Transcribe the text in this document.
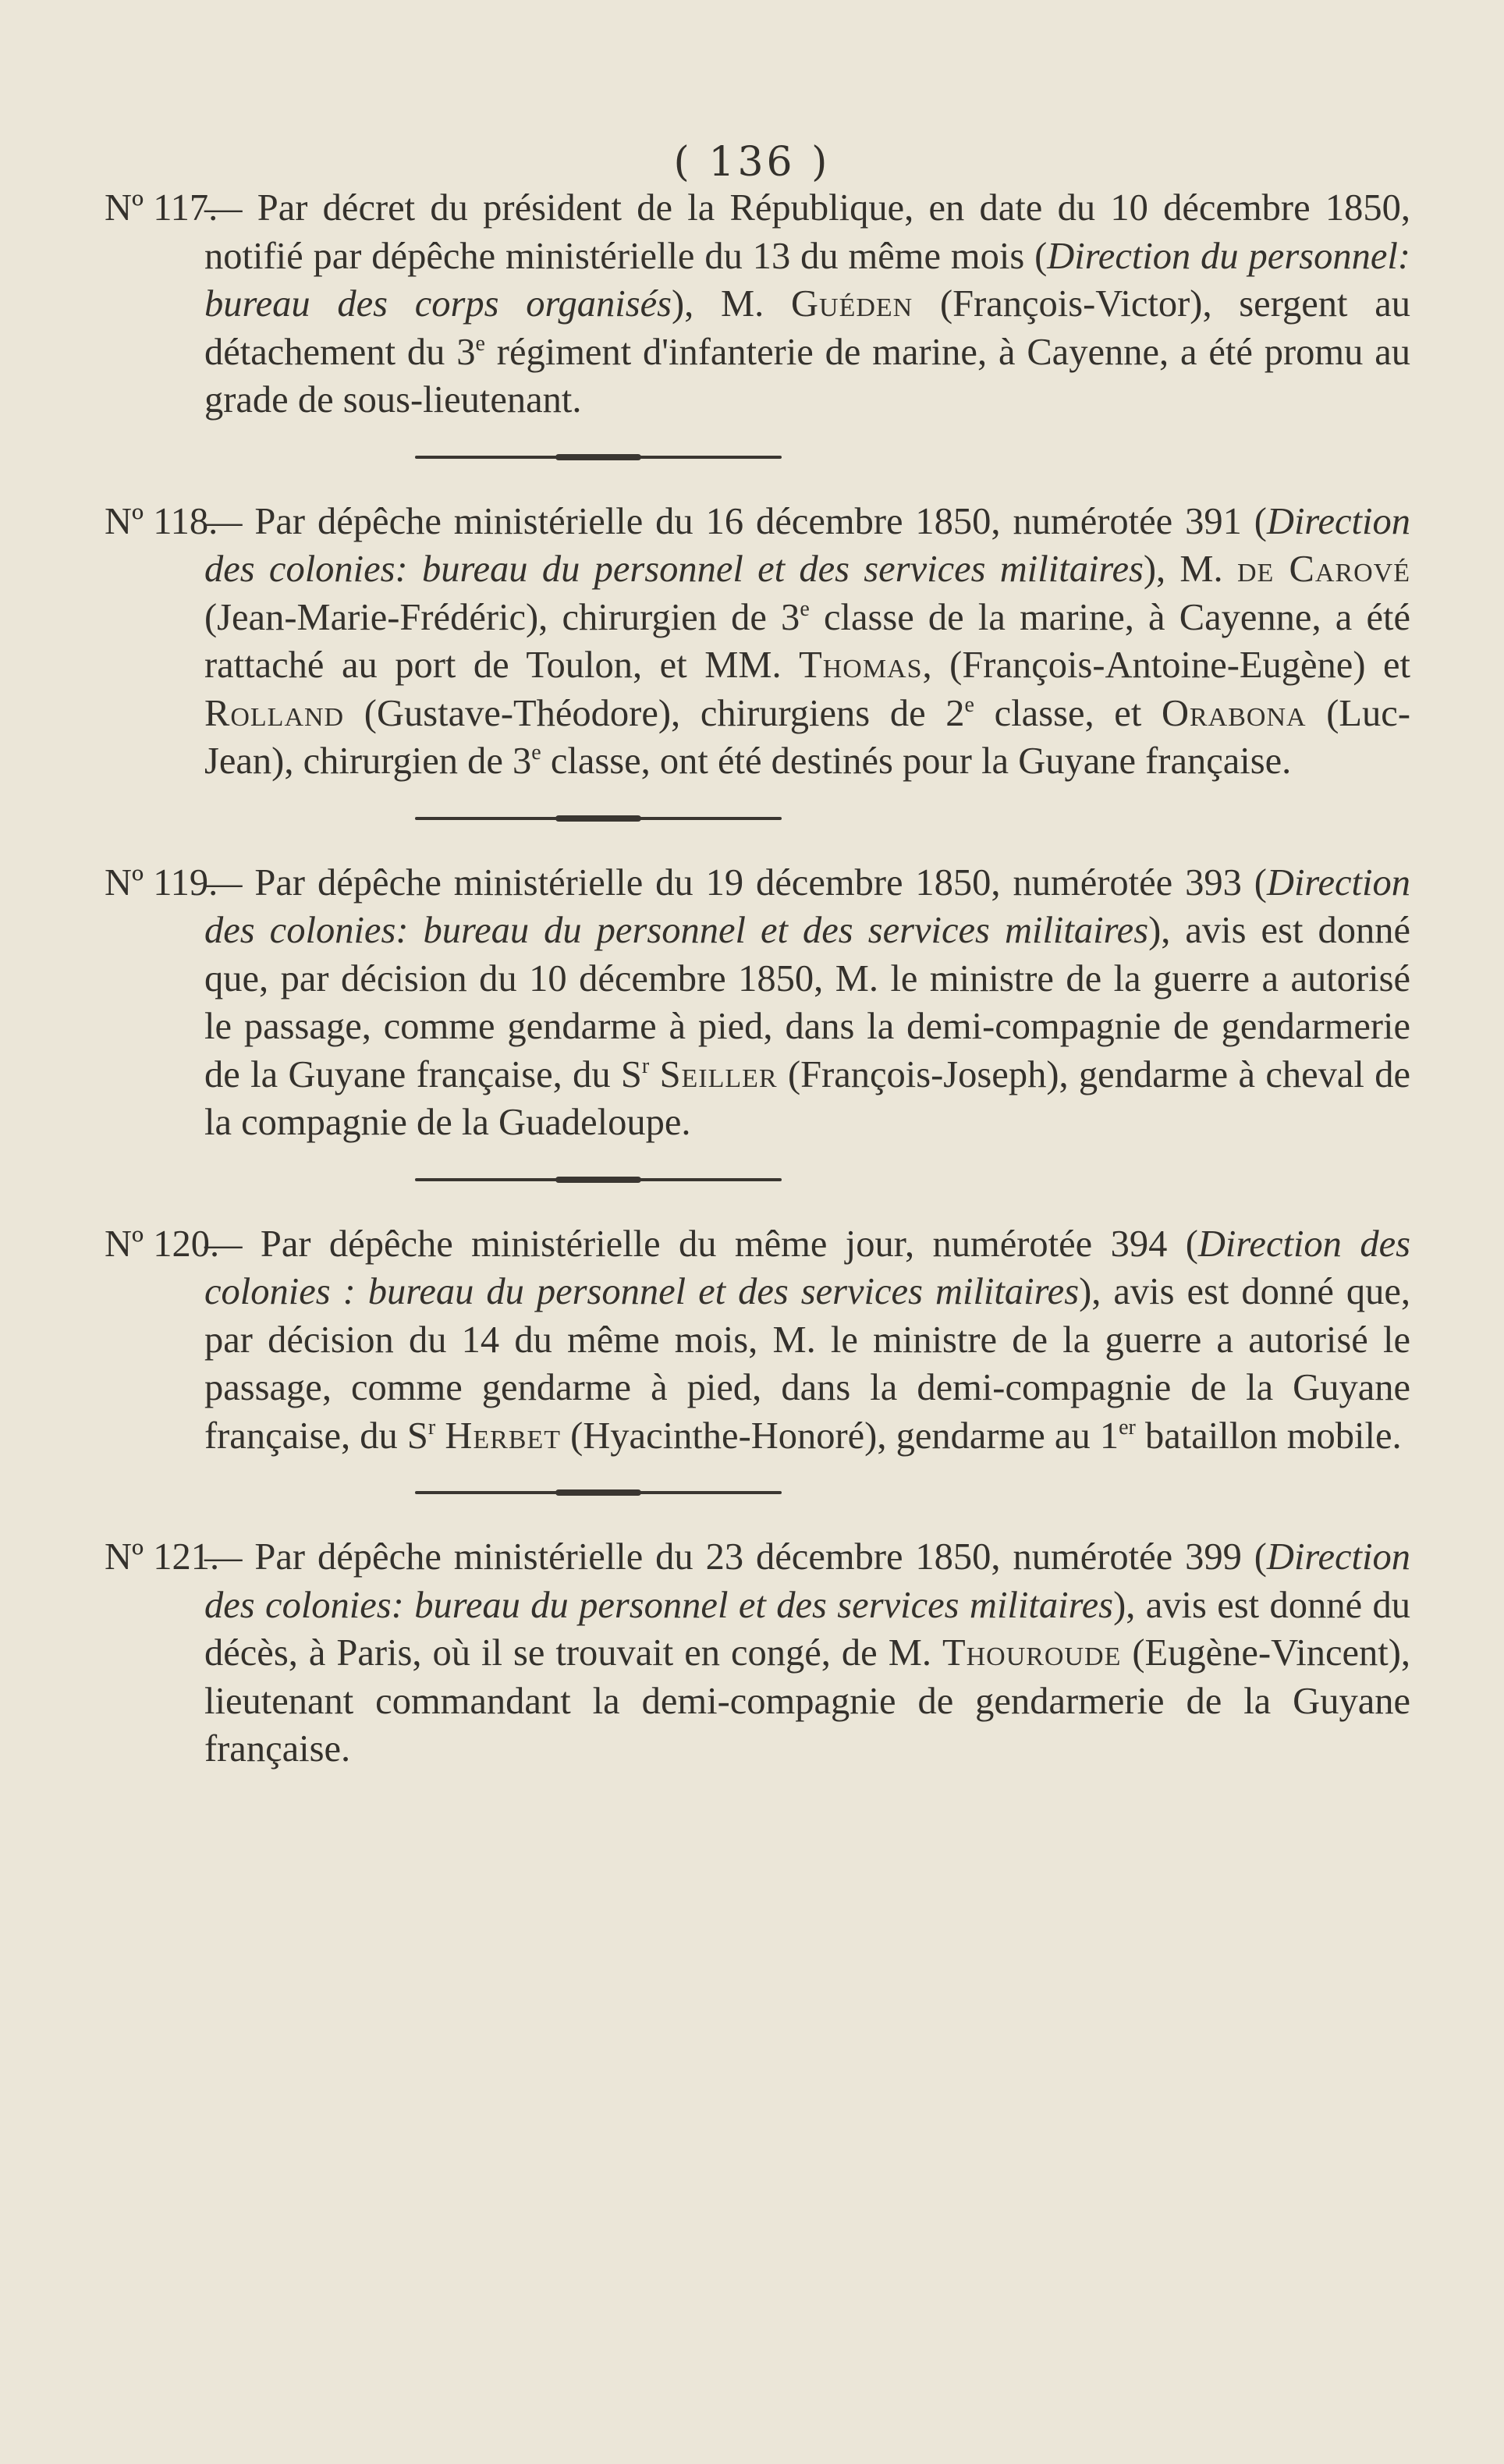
( 136 )
Nº 117.
— Par décret du président de la République, en date du 10 décembre 1850, notifié par dépêche ministérielle du 13 du même mois (Direction du personnel: bureau des corps organisés), M. Guéden (François-Victor), sergent au détachement du 3e régiment d'infanterie de marine, à Cayenne, a été promu au grade de sous-lieutenant.
Nº 118.
— Par dépêche ministérielle du 16 décembre 1850, numérotée 391 (Direction des colonies: bureau du personnel et des services militaires), M. de Carové (Jean-Marie-Frédéric), chirurgien de 3e classe de la marine, à Cayenne, a été rattaché au port de Toulon, et MM. Thomas, (François-Antoine-Eugène) et Rolland (Gustave-Théodore), chirurgiens de 2e classe, et Orabona (Luc-Jean), chirurgien de 3e classe, ont été destinés pour la Guyane française.
Nº 119.
— Par dépêche ministérielle du 19 décembre 1850, numérotée 393 (Direction des colonies: bureau du personnel et des services militaires), avis est donné que, par décision du 10 décembre 1850, M. le ministre de la guerre a autorisé le passage, comme gendarme à pied, dans la demi-compagnie de gendarmerie de la Guyane française, du $S^r$ Seiller (François-Joseph), gendarme à cheval de la compagnie de la Guadeloupe.
Nº 120.
— Par dépêche ministérielle du même jour, numérotée 394 (Direction des colonies : bureau du personnel et des services militaires), avis est donné que, par décision du 14 du même mois, M. le ministre de la guerre a autorisé le passage, comme gendarme à pied, dans la demi-compagnie de la Guyane française, du $S^r$ Herbet (Hyacinthe-Honoré), gendarme au 1er bataillon mobile.
Nº 121.
— Par dépêche ministérielle du 23 décembre 1850, numérotée 399 (Direction des colonies: bureau du personnel et des services militaires), avis est donné du décès, à Paris, où il se trouvait en congé, de M. Thouroude (Eugène-Vincent), lieutenant commandant la demi-compagnie de gendarmerie de la Guyane française.
